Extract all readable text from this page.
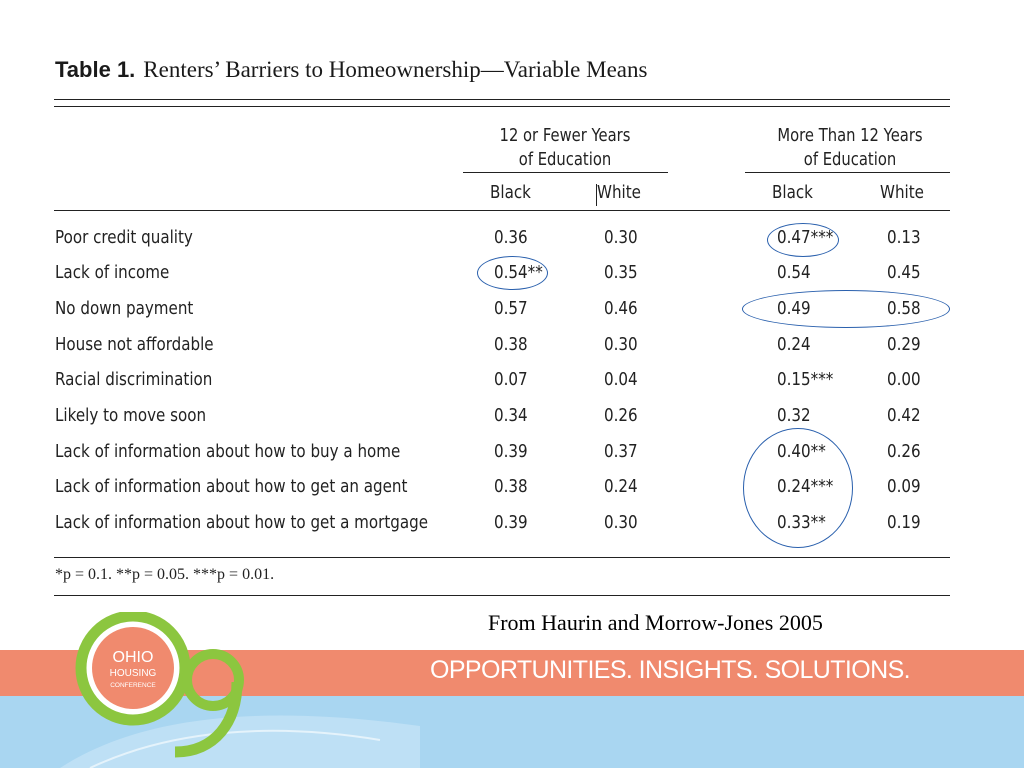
Table 1. Renters’ Barriers to Homeownership—Variable Means
12 or Fewer Years
of Education
More Than 12 Years
of Education
Black	White	Black	White
Poor credit quality	0.36	0.30	0.47***	0.13
Lack of income	0.54**	0.35	0.54	0.45
No down payment	0.57	0.46	0.49	0.58
House not affordable	0.38	0.30	0.24	0.29
Racial discrimination	0.07	0.04	0.15***	0.00
Likely to move soon	0.34	0.26	0.32	0.42
Lack of information about how to buy a home	0.39	0.37	0.40**	0.26
Lack of information about how to get an agent	0.38	0.24	0.24***	0.09
Lack of information about how to get a mortgage	0.39	0.30	0.33**	0.19
*p = 0.1. **p = 0.05. ***p = 0.01.
From Haurin and Morrow-Jones 2005
OPPORTUNITIES. INSIGHTS. SOLUTIONS.
OHIO
HOUSING
CONFERENCE
